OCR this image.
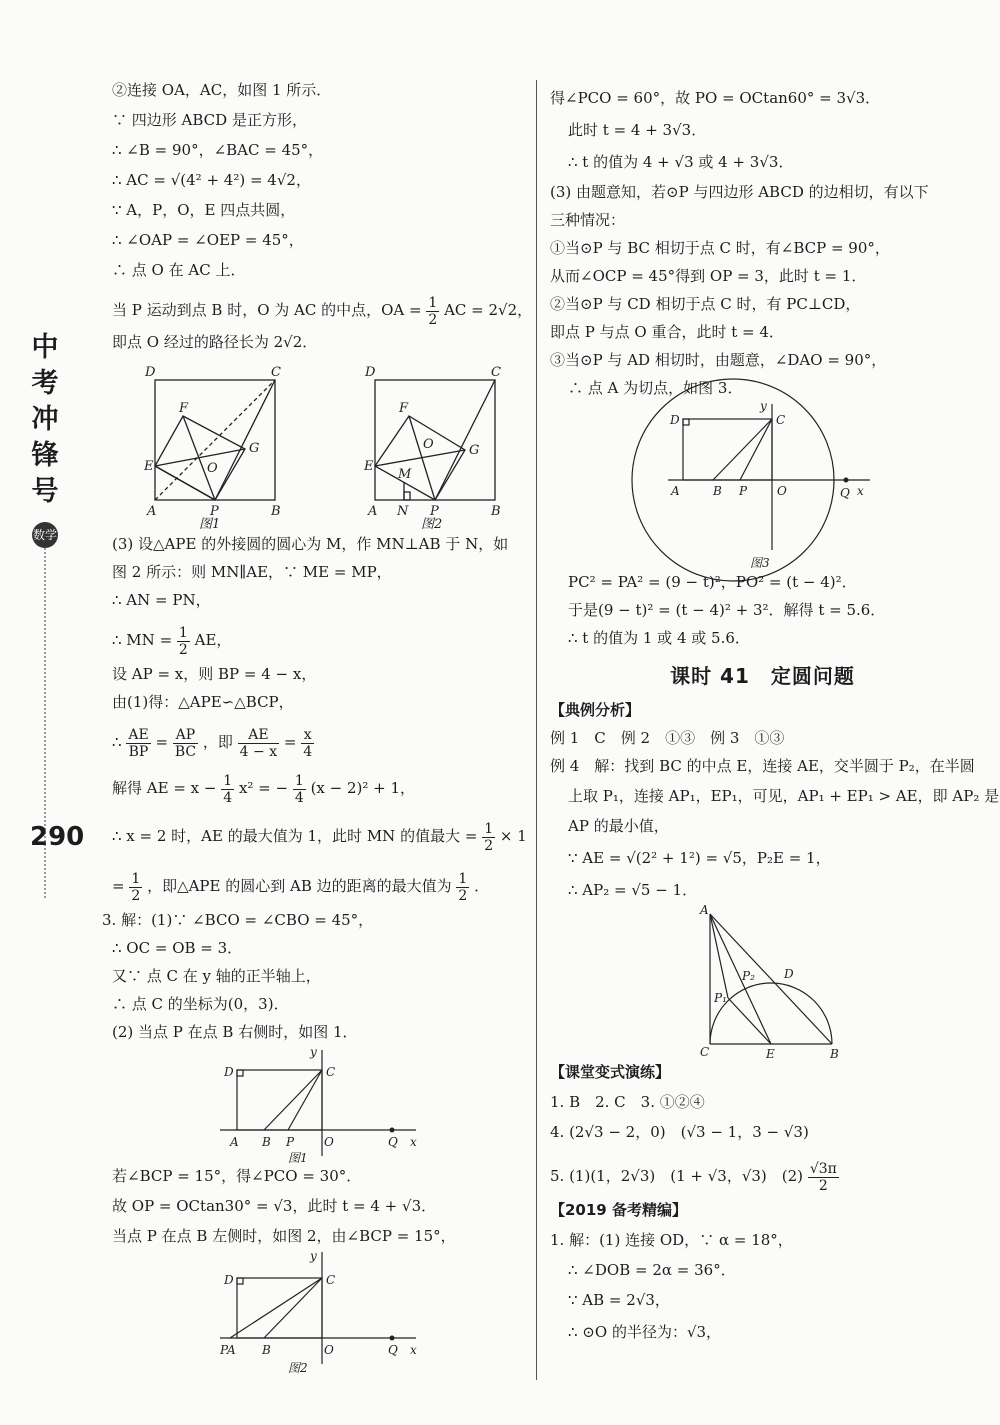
中
考
冲
锋
号
数学
290
②连接 OA，AC，如图 1 所示．
∵ 四边形 ABCD 是正方形，
∴ ∠B = 90°，∠BAC = 45°，
∴ AC = √(4² + 4²) = 4√2，
∵ A，P，O，E 四点共圆，
∴ ∠OAP = ∠OEP = 45°，
∴ 点 O 在 AC 上．
当 P 运动到点 B 时，O 为 AC 的中点，OA = $\frac{1}{2}$ AC = 2√2，
即点 O 经过的路径长为 2√2．
D	C
F
G
E	O
A	P	B
图1
D	C
F
G
E
O
M
A N P	B
图2
(3) 设△APE 的外接圆的圆心为 M，作 MN⊥AB 于 N，如
图 2 所示：则 MN∥AE，∵ ME = MP，
∴ AN = PN，
∴ MN = $\frac{1}{2}$ AE，
设 AP = x，则 BP = 4 − x，
由(1)得：△APE∽△BCP，
∴ $\frac{AE}{BP} = \frac{AP}{BC}$ ，即 $\frac{AE}{4 - x} = \frac{x}{4}$
解得 AE = $x - \frac{1}{4} x^2$ = − $\frac{1}{4} (x - 2)^2 + 1$，
∴ x = 2 时，AE 的最大值为 1，此时 MN 的值最大 = $\frac{1}{2} \times 1$
= $\frac{1}{2}$ ，即△APE 的圆心到 AB 边的距离的最大值为 $\frac{1}{2}$ ．
3. 解：(1)∵ ∠BCO = ∠CBO = 45°，
∴ OC = OB = 3．
又∵ 点 C 在 y 轴的正半轴上，
∴ 点 C 的坐标为(0，3)．
(2) 当点 P 在点 B 右侧时，如图 1．
D	C
y
A B P O	Q x
图1
若∠BCP = 15°，得∠PCO = 30°．
故 OP = OCtan30° = √3，此时 t = 4 + √3．
当点 P 在点 B 左侧时，如图 2，由∠BCP = 15°，
D	C
y
PA B	O	Q x
图2
得∠PCO = 60°，故 PO = OCtan60° = 3√3．
此时 t = 4 + 3√3．
∴ t 的值为 4 + √3 或 4 + 3√3．
(3) 由题意知，若⊙P 与四边形 ABCD 的边相切，有以下
三种情况：
①当⊙P 与 BC 相切于点 C 时，有∠BCP = 90°，
从而∠OCP = 45°得到 OP = 3，此时 t = 1．
②当⊙P 与 CD 相切于点 C 时，有 PC⊥CD，
即点 P 与点 O 重合，此时 t = 4．
③当⊙P 与 AD 相切时，由题意，∠DAO = 90°，
∴ 点 A 为切点，如图 3．
D	C
y
A	B P O	Q x
图3
PC² = PA² = (9 − t)²，PO² = (t − 4)²．
于是(9 − t)² = (t − 4)² + 3²．解得 t = 5.6．
∴ t 的值为 1 或 4 或 5.6．
课时 41　定圆问题
【典例分析】
例 1　C　例 2　①③　例 3　①③
例 4　解：找到 BC 的中点 E，连接 AE，交半圆于 P₂，在半圆
上取 P₁，连接 AP₁，EP₁，可见，AP₁ + EP₁ > AE，即 AP₂ 是
AP 的最小值，
∵ AE = √(2² + 1²) = √5，P₂E = 1，
∴ AP₂ = √5 − 1．
A
P₁
P₂ D
C	E	B
【课堂变式演练】
1. B　2. C　3. ①②④
4. (2√3 − 2，0)　(√3 − 1，3 − √3)
5. (1)(1，2√3)　(1 + √3，√3)　$(2) \frac{√3\pi}{2}$
【2019 备考精编】
1. 解：(1) 连接 OD，∵ α = 18°，
∴ ∠DOB = 2α = 36°．
∵ AB = 2√3，
∴ ⊙O 的半径为：√3，
